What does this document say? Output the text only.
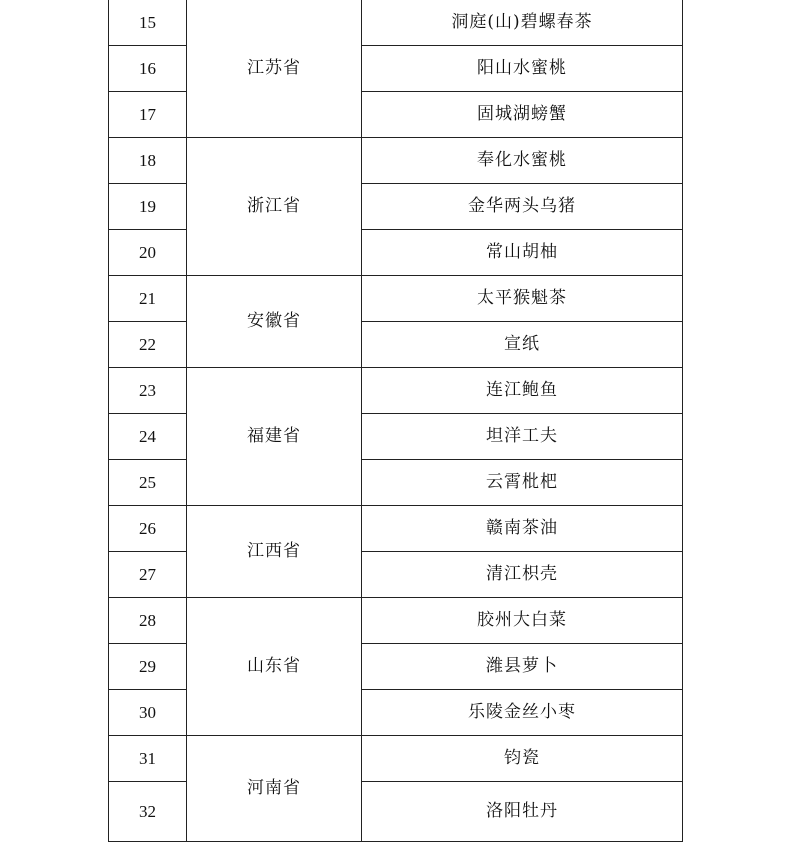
15	江苏省	洞庭(山)碧螺春茶
16		阳山水蜜桃
17		固城湖螃蟹
18	浙江省	奉化水蜜桃
19		金华两头乌猪
20		常山胡柚
21	安徽省	太平猴魁茶
22		宣纸
23	福建省	连江鲍鱼
24		坦洋工夫
25		云霄枇杷
26	江西省	赣南茶油
27		清江枳壳
28	山东省	胶州大白菜
29		潍县萝卜
30		乐陵金丝小枣
31	河南省	钧瓷
32		洛阳牡丹
